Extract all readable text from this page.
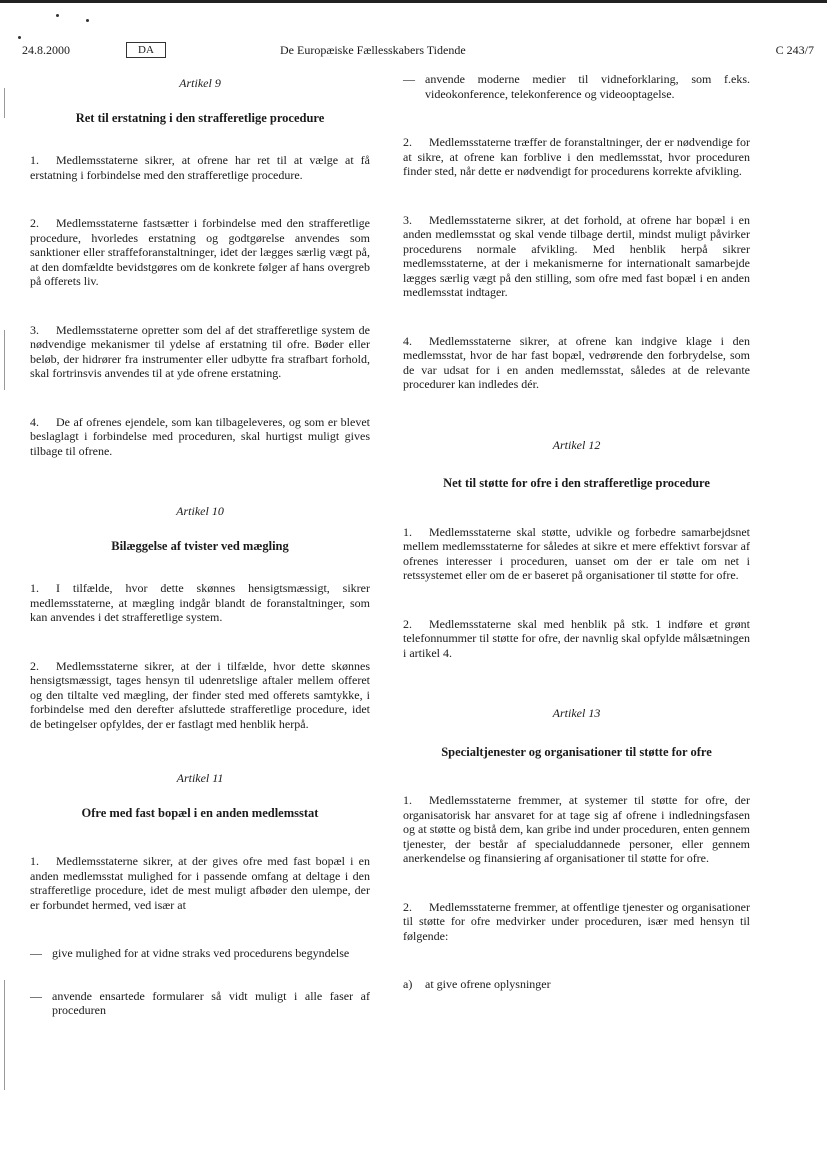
24.8.2000	DA	De Europæiske Fællesskabers Tidende	C 243/7
Artikel 9
Ret til erstatning i den strafferetlige procedure
1. Medlemsstaterne sikrer, at ofrene har ret til at vælge at få erstatning i forbindelse med den strafferetlige procedure.
2. Medlemsstaterne fastsætter i forbindelse med den strafferetlige procedure, hvorledes erstatning og godtgørelse anvendes som sanktioner eller straffeforanstaltninger, idet der lægges særlig vægt på, at den domfældte bevidstgøres om de konkrete følger af hans overgreb på offerets liv.
3. Medlemsstaterne opretter som del af det strafferetlige system de nødvendige mekanismer til ydelse af erstatning til ofre. Bøder eller beløb, der hidrører fra instrumenter eller udbytte fra strafbart forhold, skal fortrinsvis anvendes til at yde ofrene erstatning.
4. De af ofrenes ejendele, som kan tilbageleveres, og som er blevet beslaglagt i forbindelse med proceduren, skal hurtigst muligt gives tilbage til ofrene.
Artikel 10
Bilæggelse af tvister ved mægling
1. I tilfælde, hvor dette skønnes hensigtsmæssigt, sikrer medlemsstaterne, at mægling indgår blandt de foranstaltninger, som kan anvendes i det strafferetlige system.
2. Medlemsstaterne sikrer, at der i tilfælde, hvor dette skønnes hensigtsmæssigt, tages hensyn til udenretslige aftaler mellem offeret og den tiltalte ved mægling, der finder sted med offerets samtykke, i forbindelse med den derefter afsluttede strafferetlige procedure, idet de betingelser opfyldes, der er fastlagt med henblik herpå.
Artikel 11
Ofre med fast bopæl i en anden medlemsstat
1. Medlemsstaterne sikrer, at der gives ofre med fast bopæl i en anden medlemsstat mulighed for i passende omfang at deltage i den strafferetlige procedure, idet de mest muligt afbøder den ulempe, der er forbundet hermed, ved især at
— give mulighed for at vidne straks ved procedurens begyndelse
— anvende ensartede formularer så vidt muligt i alle faser af proceduren
— anvende moderne medier til vidneforklaring, som f.eks. videokonference, telekonference og videooptagelse.
2. Medlemsstaterne træffer de foranstaltninger, der er nødvendige for at sikre, at ofrene kan forblive i den medlemsstat, hvor proceduren finder sted, når dette er nødvendigt for procedurens korrekte afvikling.
3. Medlemsstaterne sikrer, at det forhold, at ofrene har bopæl i en anden medlemsstat og skal vende tilbage dertil, mindst muligt påvirker procedurens normale afvikling. Med henblik herpå sikrer medlemsstaterne, at der i mekanismerne for internationalt samarbejde lægges særlig vægt på den stilling, som ofre med fast bopæl i en anden medlemsstat indtager.
4. Medlemsstaterne sikrer, at ofrene kan indgive klage i den medlemsstat, hvor de har fast bopæl, vedrørende den forbrydelse, som de var udsat for i en anden medlemsstat, således at de relevante procedurer kan indledes dér.
Artikel 12
Net til støtte for ofre i den strafferetlige procedure
1. Medlemsstaterne skal støtte, udvikle og forbedre samarbejdsnet mellem medlemsstaterne for således at sikre et mere effektivt forsvar af ofrenes interesser i proceduren, uanset om der er tale om net i retssystemet eller om de er baseret på organisationer til støtte for ofre.
2. Medlemsstaterne skal med henblik på stk. 1 indføre et grønt telefonnummer til støtte for ofre, der navnlig skal opfylde målsætningen i artikel 4.
Artikel 13
Specialtjenester og organisationer til støtte for ofre
1. Medlemsstaterne fremmer, at systemer til støtte for ofre, der organisatorisk har ansvaret for at tage sig af ofrene i indledningsfasen og at støtte og bistå dem, kan gribe ind under proceduren, enten gennem tjenester, der består af specialuddannede personer, eller gennem anerkendelse og finansiering af organisationer til støtte for ofre.
2. Medlemsstaterne fremmer, at offentlige tjenester og organisationer til støtte for ofre medvirker under proceduren, især med hensyn til følgende:
a)	at give ofrene oplysninger
